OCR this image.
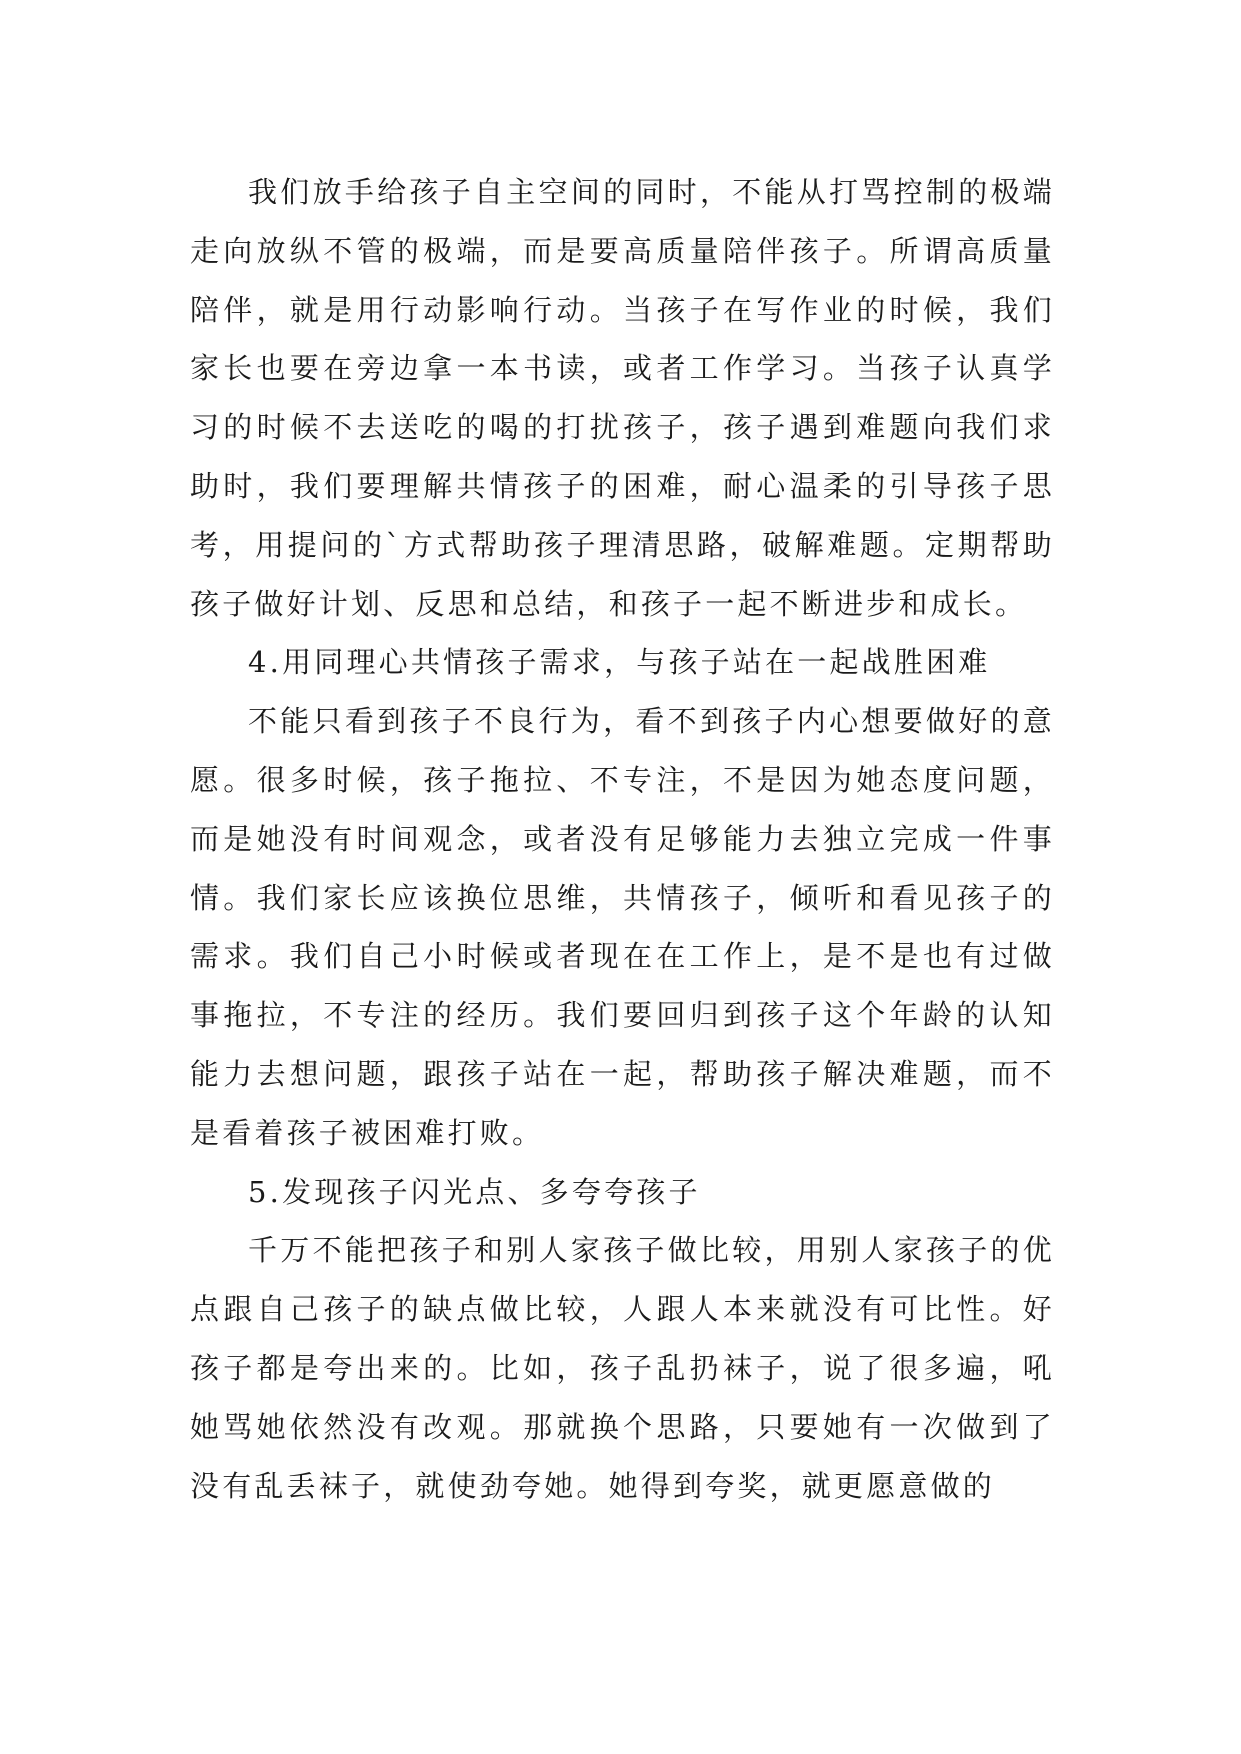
我们放手给孩子自主空间的同时，不能从打骂控制的极端走向放纵不管的极端，而是要高质量陪伴孩子。所谓高质量陪伴，就是用行动影响行动。当孩子在写作业的时候，我们家长也要在旁边拿一本书读，或者工作学习。当孩子认真学习的时候不去送吃的喝的打扰孩子，孩子遇到难题向我们求助时，我们要理解共情孩子的困难，耐心温柔的引导孩子思考，用提问的`方式帮助孩子理清思路，破解难题。定期帮助孩子做好计划、反思和总结，和孩子一起不断进步和成长。

4.用同理心共情孩子需求，与孩子站在一起战胜困难

不能只看到孩子不良行为，看不到孩子内心想要做好的意愿。很多时候，孩子拖拉、不专注，不是因为她态度问题，而是她没有时间观念，或者没有足够能力去独立完成一件事情。我们家长应该换位思维，共情孩子，倾听和看见孩子的需求。我们自己小时候或者现在在工作上，是不是也有过做事拖拉，不专注的经历。我们要回归到孩子这个年龄的认知能力去想问题，跟孩子站在一起，帮助孩子解决难题，而不是看着孩子被困难打败。

5.发现孩子闪光点、多夸夸孩子

千万不能把孩子和别人家孩子做比较，用别人家孩子的优点跟自己孩子的缺点做比较，人跟人本来就没有可比性。好孩子都是夸出来的。比如，孩子乱扔袜子，说了很多遍，吼她骂她依然没有改观。那就换个思路，只要她有一次做到了没有乱丢袜子，就使劲夸她。她得到夸奖，就更愿意做的
